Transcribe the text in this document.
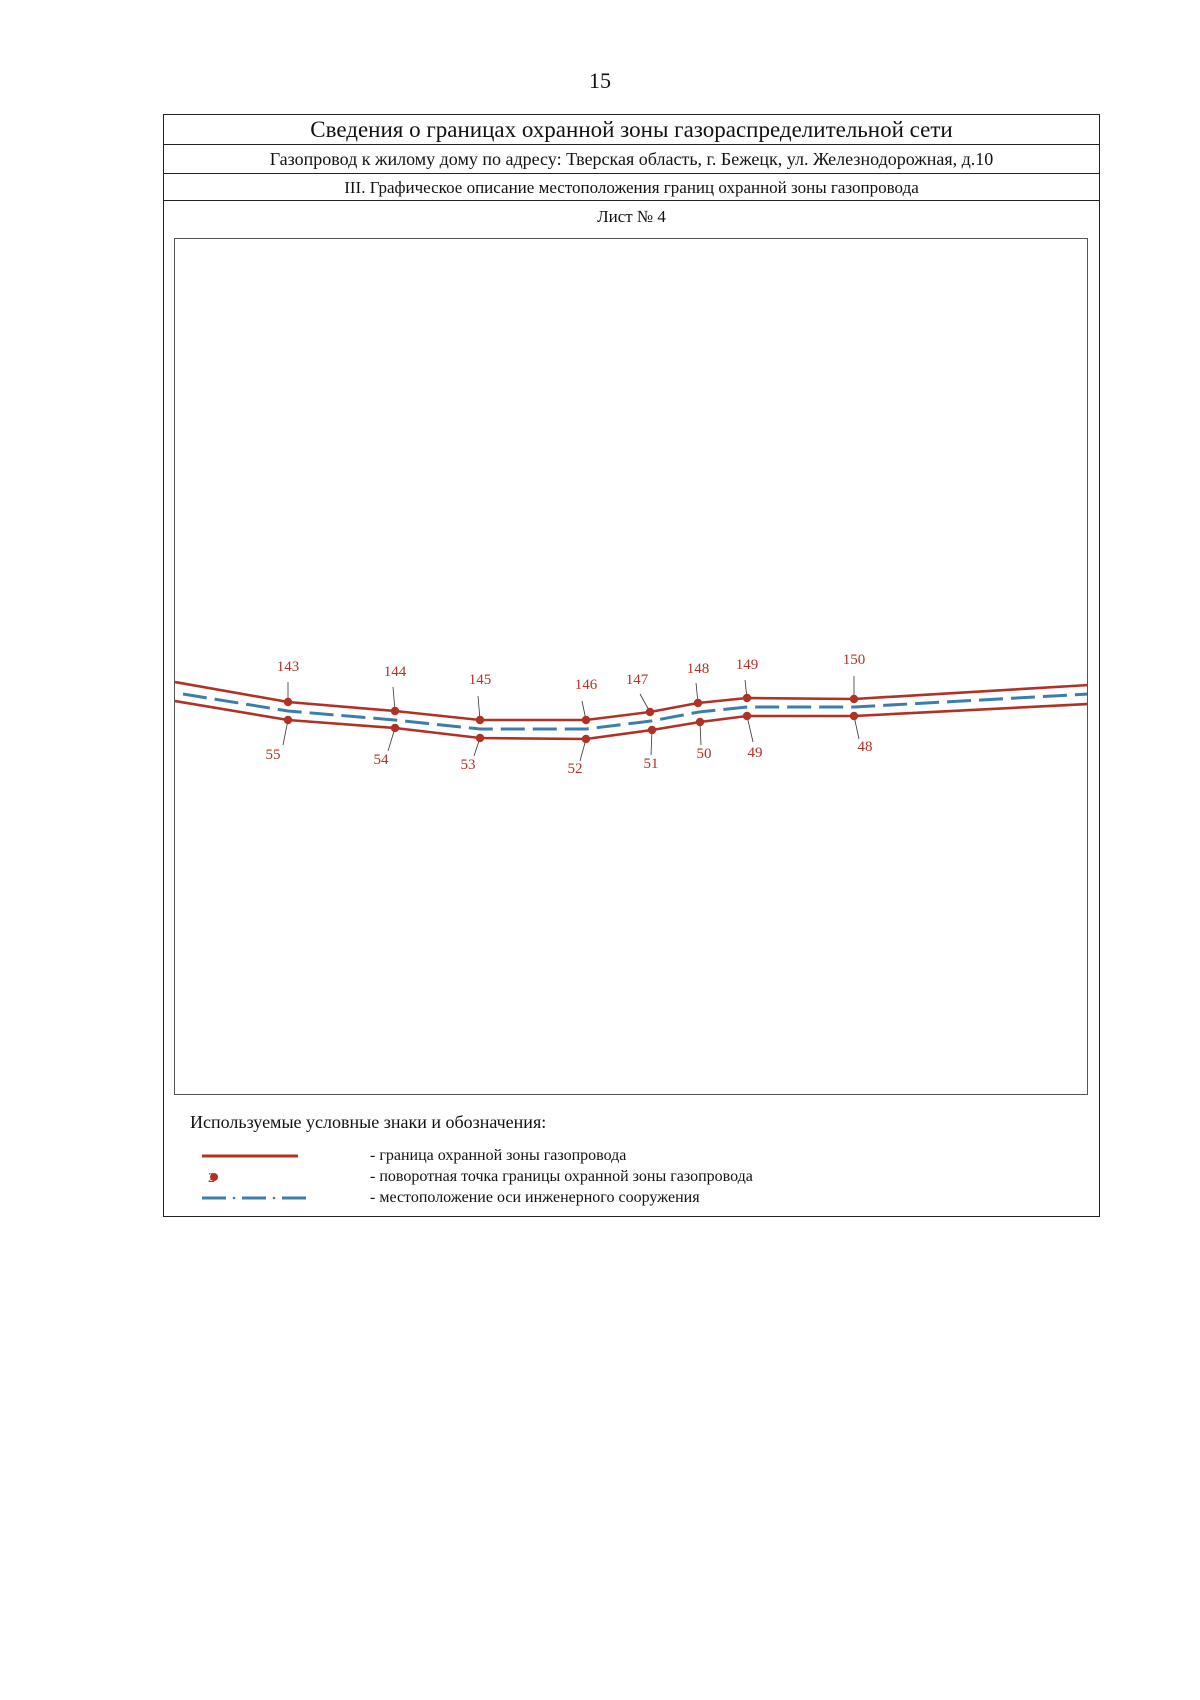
15
Сведения о границах охранной зоны газораспределительной сети
Газопровод к жилому дому по адресу: Тверская область, г. Бежецк, ул. Железнодорожная, д.10
III. Графическое описание местоположения границ охранной зоны газопровода
Лист № 4
143	144	145	146 147
148 149	150
55	54	53	52	51
50 49	48
Используемые условные знаки и обозначения:
- граница охранной зоны газопровода
2	- поворотная точка границы охранной зоны газопровода
- местоположение оси инженерного сооружения
